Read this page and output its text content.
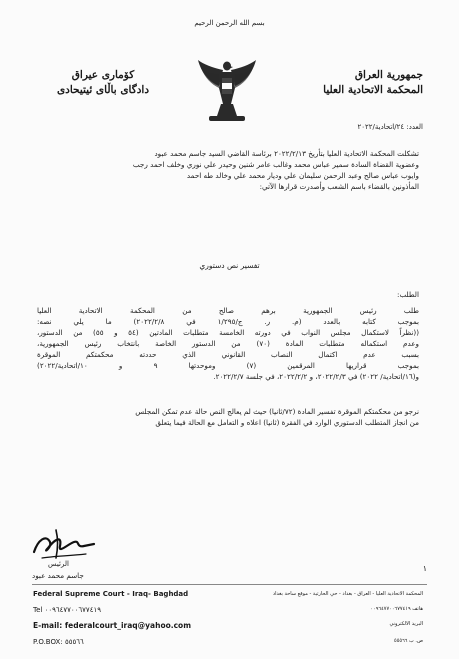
بسم الله الرحمن الرحيم
جمهورية العراق
المحكمة الاتحادية العليا
كۆماری عیراق
دادگای باڵای ئیتیحادی
العدد: ٢٤/اتحادية/٢٠٢٢
تشكلت المحكمة الاتحادية العليا بتأريخ ٢٠٢٢/٢/١٣ برئاسة القاضي السيد جاسم محمد عبود
وعضوية القضاة السادة سمير عباس محمد وغالب عامر شنين وحيدر علي نوري وخلف احمد رجب
وايوب عباس صالح وعبد الرحمن سليمان علي وديار محمد علي وخالد طه احمد
المأذونين بالقضاء باسم الشعب وأصدرت قرارها الآتي:
تفسير نص دستوري
الطلب:
طلب رئيس الجمهورية برهم صالح من المحكمة الاتحادية العليا
بموجب كتابه بالعدد (م. ر. ج/١/٢٩٥ في ٢٠٢٢/٢/٨) ما يلي نصه:
((نظراً لاستكمال مجلس النواب في دورته الخامسة متطلبات المادتين (٥٤ و ٥٥) من الدستور،
وعدم استكماله متطلبات المادة (٧٠) من الدستور الخاصة بانتخاب رئيس الجمهورية،
بسبب عدم اكتمال النصاب القانوني الذي حددته محكمتكم الموقرة
بموجب قراريها المرقمين (٧) وموحدتها ٩ و ١٠/اتحادية/٢٠٢٢)
و(١٦/اتحادية/ ٢٠٢٢) في ٢٠٢٢/٢/٣، و ٢٠٢٢/٢/٢، في جلسة ٢٠٢٢/٢/٧.
نرجو من محكمتكم الموقرة تفسير المادة (٧٢/ثانيا) حيث لم يعالج النص حالة عدم تمكن المجلس
من انجاز المتطلب الدستوري الوارد في الفقرة (ثانيا) اعلاه و التعامل مع الحالة فيما يتعلق
الرئيس
جاسم محمد عبود
١
Federal Supreme Court - Iraq- Baghdad
Tel ٠٠٩٦٤٧٧٠٠٦٧٧٤١٩
E-mail: federalcourt_iraq@yahoo.com
P.O.BOX: ٥٥٥٦٦
المحكمة الاتحادية العليا - العراق - بغداد - حي الحارثية - موقع ساحة بغداد
هاتف ٠٠٩٦٤٧٧٠٠٦٧٧٤١٩
البريد الالكتروني
ص. ب ٥٥٥٦٦
